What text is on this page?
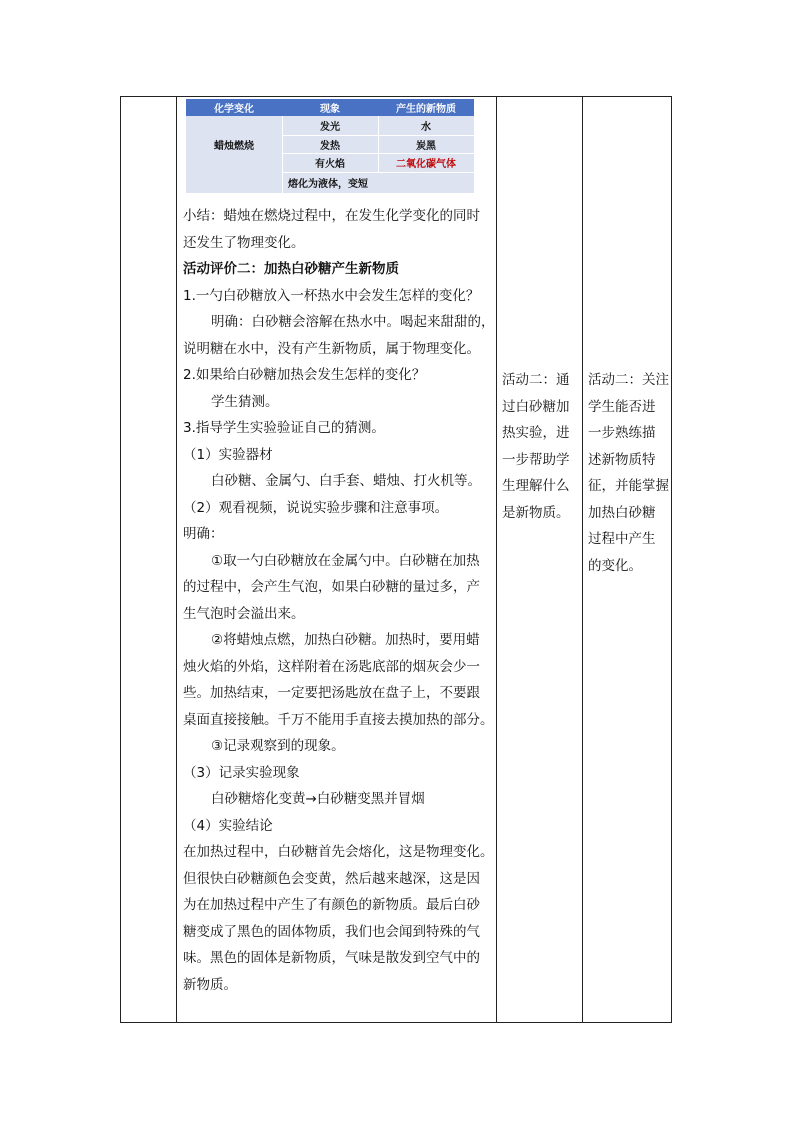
化学变化	现象	产生的新物质
蜡烛燃烧
发光
发热
有火焰
熔化为液体，变短
水
炭黑
二氧化碳气体

小结：蜡烛在燃烧过程中，在发生化学变化的同时

还发生了物理变化。

活动评价二：加热白砂糖产生新物质

1.一勺白砂糖放入一杯热水中会发生怎样的变化？

明确：白砂糖会溶解在热水中。喝起来甜甜的，

说明糖在水中，没有产生新物质，属于物理变化。

2.如果给白砂糖加热会发生怎样的变化？

学生猜测。

3.指导学生实验验证自己的猜测。

（1）实验器材

白砂糖、金属勺、白手套、蜡烛、打火机等。

（2）观看视频，说说实验步骤和注意事项。

明确：

①取一勺白砂糖放在金属勺中。白砂糖在加热

的过程中，会产生气泡，如果白砂糖的量过多，产

生气泡时会溢出来。

②将蜡烛点燃，加热白砂糖。加热时，要用蜡

烛火焰的外焰，这样附着在汤匙底部的烟灰会少一

些。加热结束，一定要把汤匙放在盘子上，不要跟

桌面直接接触。千万不能用手直接去摸加热的部分。

③记录观察到的现象。

（3）记录实验现象

白砂糖熔化变黄→白砂糖变黑并冒烟

（4）实验结论

在加热过程中，白砂糖首先会熔化，这是物理变化。

但很快白砂糖颜色会变黄，然后越来越深，这是因

为在加热过程中产生了有颜色的新物质。最后白砂

糖变成了黑色的固体物质，我们也会闻到特殊的气

味。黑色的固体是新物质，气味是散发到空气中的

新物质。

活动二：通

过白砂糖加

热实验，进

一步帮助学

生理解什么

是新物质。

活动二：关注

学生能否进

一步熟练描

述新物质特

征，并能掌握

加热白砂糖

过程中产生

的变化。
